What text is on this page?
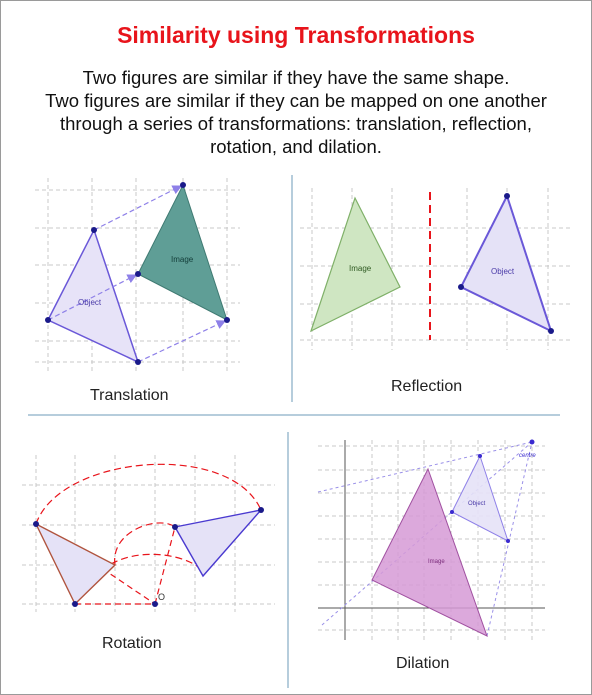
Similarity using Transformations
Two figures are similar if they have the same shape.
Two figures are similar if they can be mapped on one another
through a series of transformations: translation, reflection,
rotation, and dilation.
Object
Image
Image	Object
O
Object
Image
centre
Translation
Reflection
Rotation
Dilation
